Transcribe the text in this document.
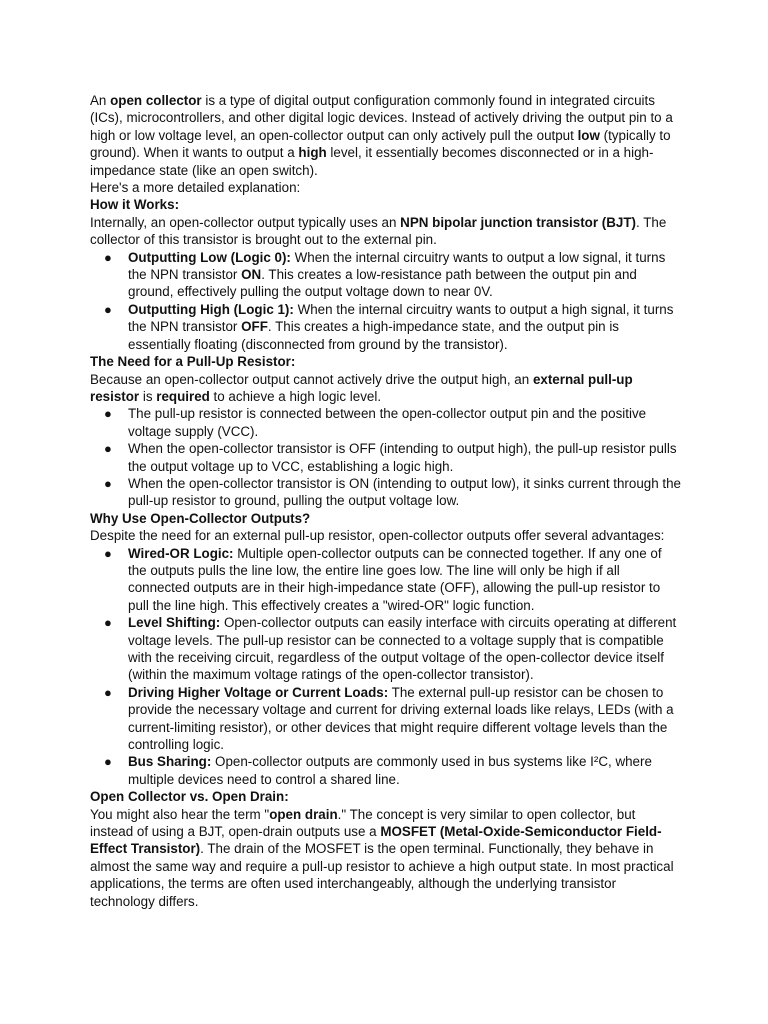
An open collector is a type of digital output configuration commonly found in integrated circuits (ICs), microcontrollers, and other digital logic devices. Instead of actively driving the output pin to a high or low voltage level, an open-collector output can only actively pull the output low (typically to ground). When it wants to output a high level, it essentially becomes disconnected or in a high-impedance state (like an open switch).

Here's a more detailed explanation:

How it Works:

Internally, an open-collector output typically uses an NPN bipolar junction transistor (BJT). The collector of this transistor is brought out to the external pin.

● Outputting Low (Logic 0): When the internal circuitry wants to output a low signal, it turns the NPN transistor ON. This creates a low-resistance path between the output pin and ground, effectively pulling the output voltage down to near 0V.
● Outputting High (Logic 1): When the internal circuitry wants to output a high signal, it turns the NPN transistor OFF. This creates a high-impedance state, and the output pin is essentially floating (disconnected from ground by the transistor).

The Need for a Pull-Up Resistor:

Because an open-collector output cannot actively drive the output high, an external pull-up resistor is required to achieve a high logic level.

● The pull-up resistor is connected between the open-collector output pin and the positive voltage supply (VCC).
● When the open-collector transistor is OFF (intending to output high), the pull-up resistor pulls the output voltage up to VCC, establishing a logic high.
● When the open-collector transistor is ON (intending to output low), it sinks current through the pull-up resistor to ground, pulling the output voltage low.

Why Use Open-Collector Outputs?

Despite the need for an external pull-up resistor, open-collector outputs offer several advantages:

● Wired-OR Logic: Multiple open-collector outputs can be connected together. If any one of the outputs pulls the line low, the entire line goes low. The line will only be high if all connected outputs are in their high-impedance state (OFF), allowing the pull-up resistor to pull the line high. This effectively creates a "wired-OR" logic function.
● Level Shifting: Open-collector outputs can easily interface with circuits operating at different voltage levels. The pull-up resistor can be connected to a voltage supply that is compatible with the receiving circuit, regardless of the output voltage of the open-collector device itself (within the maximum voltage ratings of the open-collector transistor).
● Driving Higher Voltage or Current Loads: The external pull-up resistor can be chosen to provide the necessary voltage and current for driving external loads like relays, LEDs (with a current-limiting resistor), or other devices that might require different voltage levels than the controlling logic.
● Bus Sharing: Open-collector outputs are commonly used in bus systems like I²C, where multiple devices need to control a shared line.

Open Collector vs. Open Drain:

You might also hear the term "open drain." The concept is very similar to open collector, but instead of using a BJT, open-drain outputs use a MOSFET (Metal-Oxide-Semiconductor Field-Effect Transistor). The drain of the MOSFET is the open terminal. Functionally, they behave in almost the same way and require a pull-up resistor to achieve a high output state. In most practical applications, the terms are often used interchangeably, although the underlying transistor technology differs.
